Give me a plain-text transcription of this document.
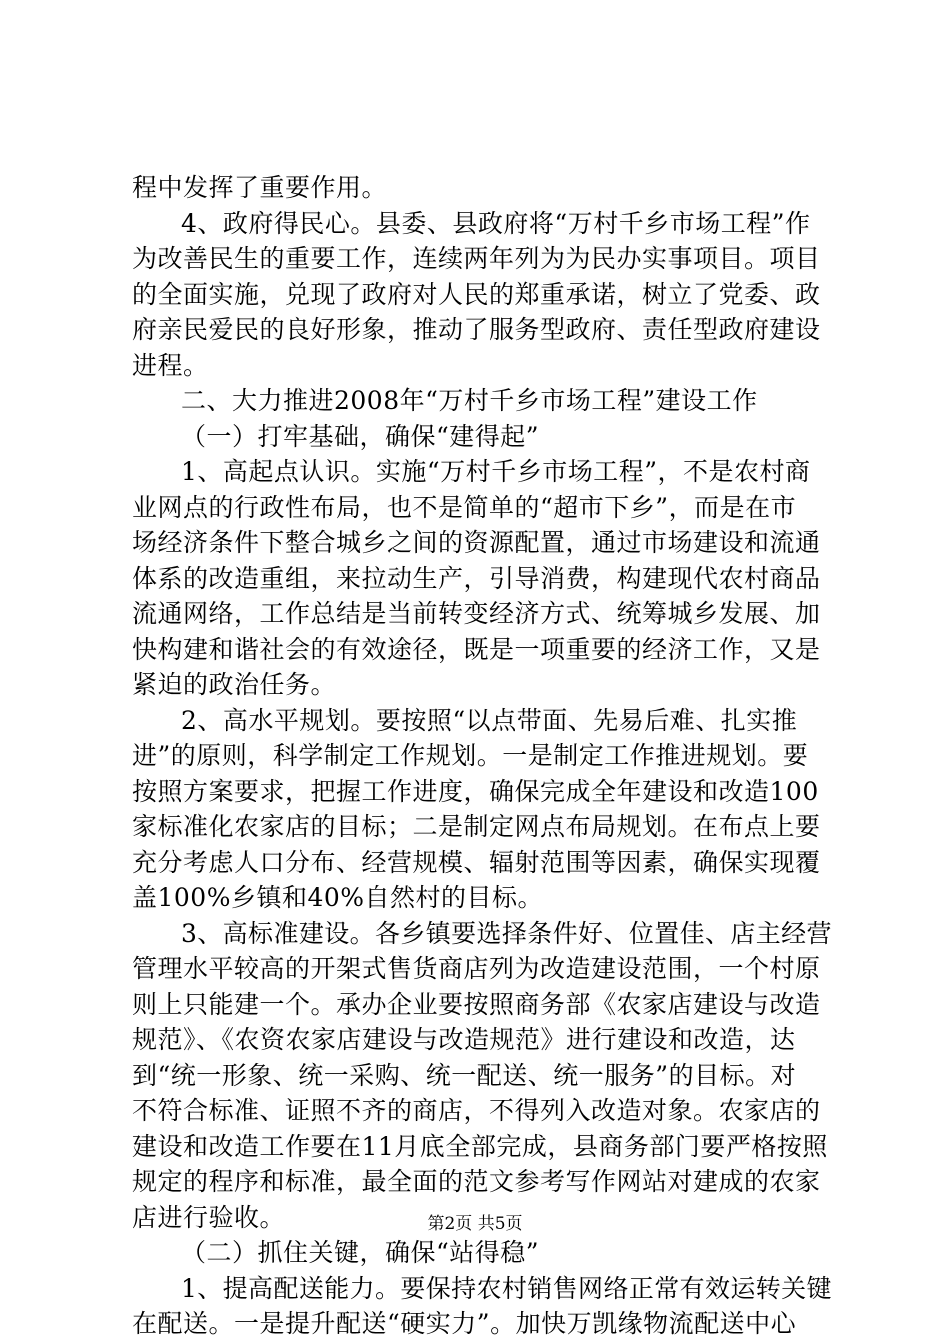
程中发挥了重要作用。
4、政府得民心。县委、县政府将“万村千乡市场工程”作
为改善民生的重要工作，连续两年列为为民办实事项目。项目
的全面实施，兑现了政府对人民的郑重承诺，树立了党委、政
府亲民爱民的良好形象，推动了服务型政府、责任型政府建设
进程。
二、大力推进2008年“万村千乡市场工程”建设工作
（一）打牢基础，确保“建得起”
1、高起点认识。实施“万村千乡市场工程”，不是农村商
业网点的行政性布局，也不是简单的“超市下乡”，而是在市
场经济条件下整合城乡之间的资源配置，通过市场建设和流通
体系的改造重组，来拉动生产，引导消费，构建现代农村商品
流通网络，工作总结是当前转变经济方式、统筹城乡发展、加
快构建和谐社会的有效途径，既是一项重要的经济工作，又是
紧迫的政治任务。
2、高水平规划。要按照“以点带面、先易后难、扎实推
进”的原则，科学制定工作规划。一是制定工作推进规划。要
按照方案要求，把握工作进度，确保完成全年建设和改造100
家标准化农家店的目标；二是制定网点布局规划。在布点上要
充分考虑人口分布、经营规模、辐射范围等因素，确保实现覆
盖100%乡镇和40%自然村的目标。
3、高标准建设。各乡镇要选择条件好、位置佳、店主经营
管理水平较高的开架式售货商店列为改造建设范围，一个村原
则上只能建一个。承办企业要按照商务部《农家店建设与改造
规范》、《农资农家店建设与改造规范》进行建设和改造，达
到“统一形象、统一采购、统一配送、统一服务”的目标。对
不符合标准、证照不齐的商店，不得列入改造对象。农家店的
建设和改造工作要在11月底全部完成，县商务部门要严格按照
规定的程序和标准，最全面的范文参考写作网站对建成的农家
店进行验收。
（二）抓住关键，确保“站得稳”
1、提高配送能力。要保持农村销售网络正常有效运转关键
在配送。一是提升配送“硬实力”。加快万凯缘物流配送中心
第2页 共5页
